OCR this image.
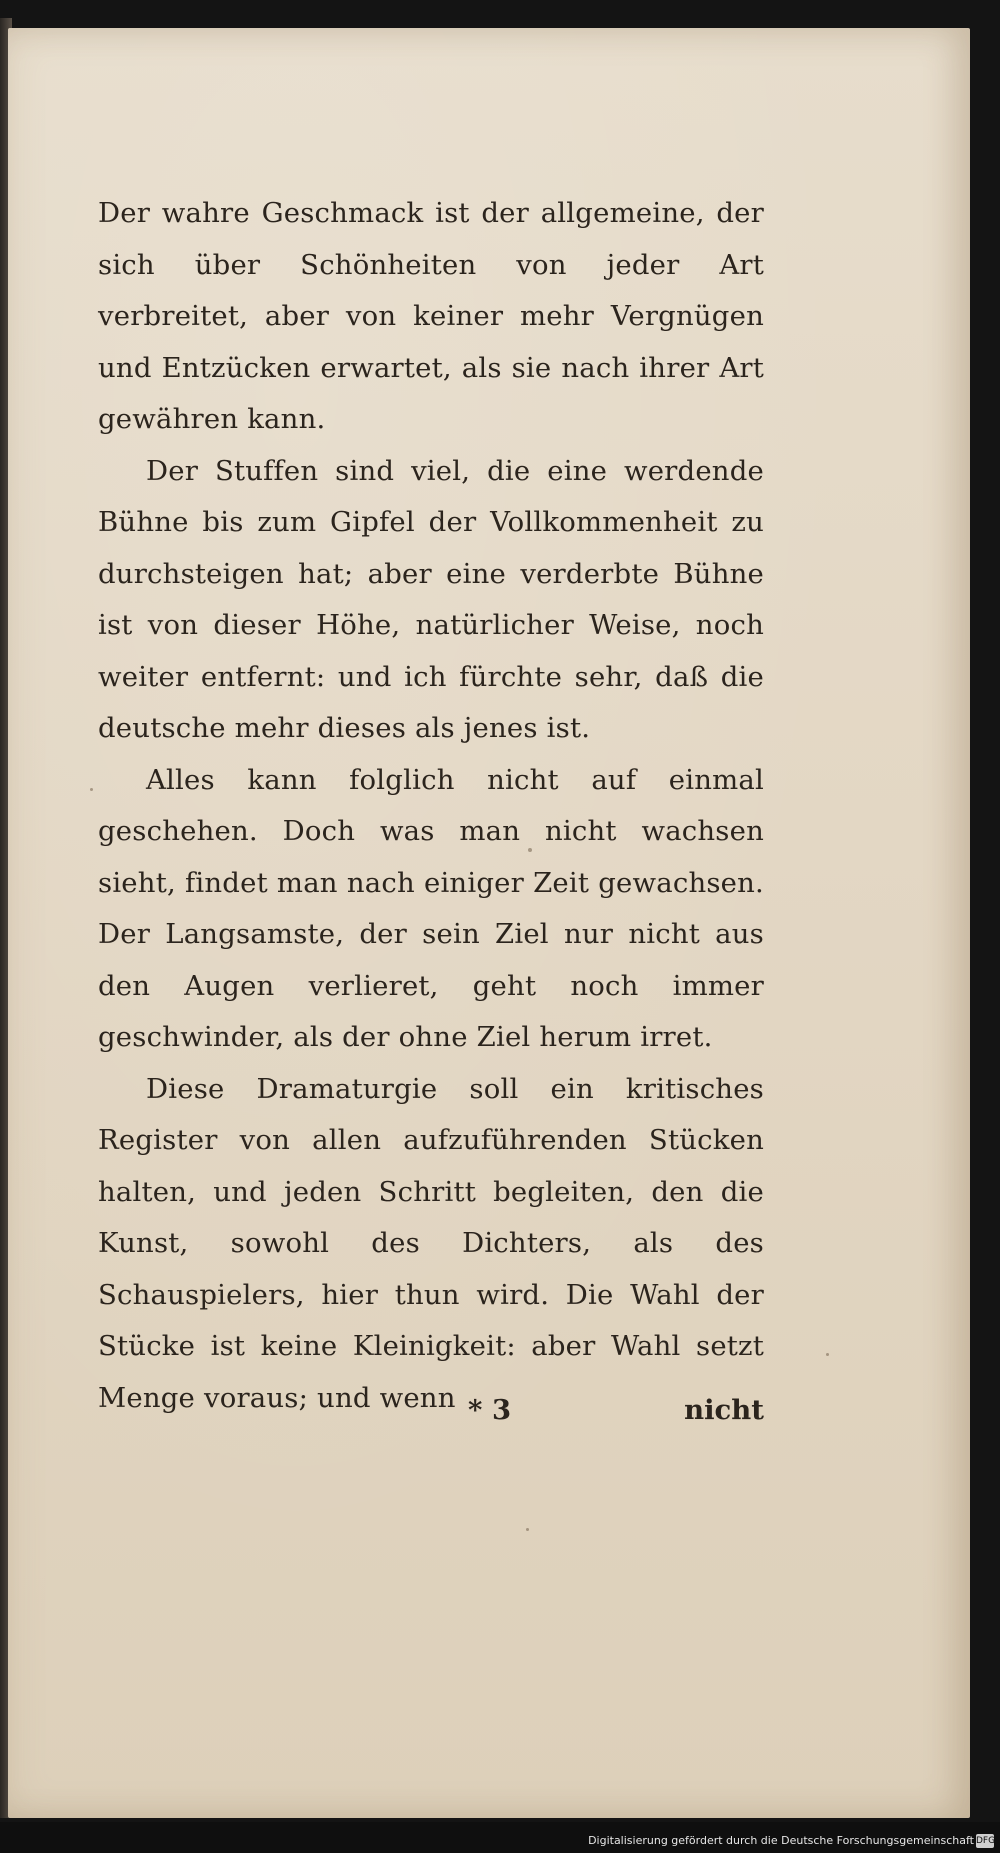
Der wahre Geschmack ist der allgemeine, der sich über Schönheiten von jeder Art verbreitet, aber von keiner mehr Vergnügen und Entzücken erwartet, als sie nach ihrer Art gewähren kann.

Der Stuffen sind viel, die eine werdende Bühne bis zum Gipfel der Vollkommenheit zu durchsteigen hat; aber eine verderbte Bühne ist von dieser Höhe, natürlicher Weise, noch weiter entfernt: und ich fürchte sehr, daß die deutsche mehr dieses als jenes ist.

Alles kann folglich nicht auf einmal geschehen. Doch was man nicht wachsen sieht, findet man nach einiger Zeit gewachsen. Der Langsamste, der sein Ziel nur nicht aus den Augen verlieret, geht noch immer geschwinder, als der ohne Ziel herum irret.

Diese Dramaturgie soll ein kritisches Register von allen aufzuführenden Stücken halten, und jeden Schritt begleiten, den die Kunst, sowohl des Dichters, als des Schauspielers, hier thun wird. Die Wahl der Stücke ist keine Kleinigkeit: aber Wahl setzt Menge voraus; und wenn * 3	nicht
Digitalisierung gefördert durch die Deutsche Forschungsgemeinschaft DFG
